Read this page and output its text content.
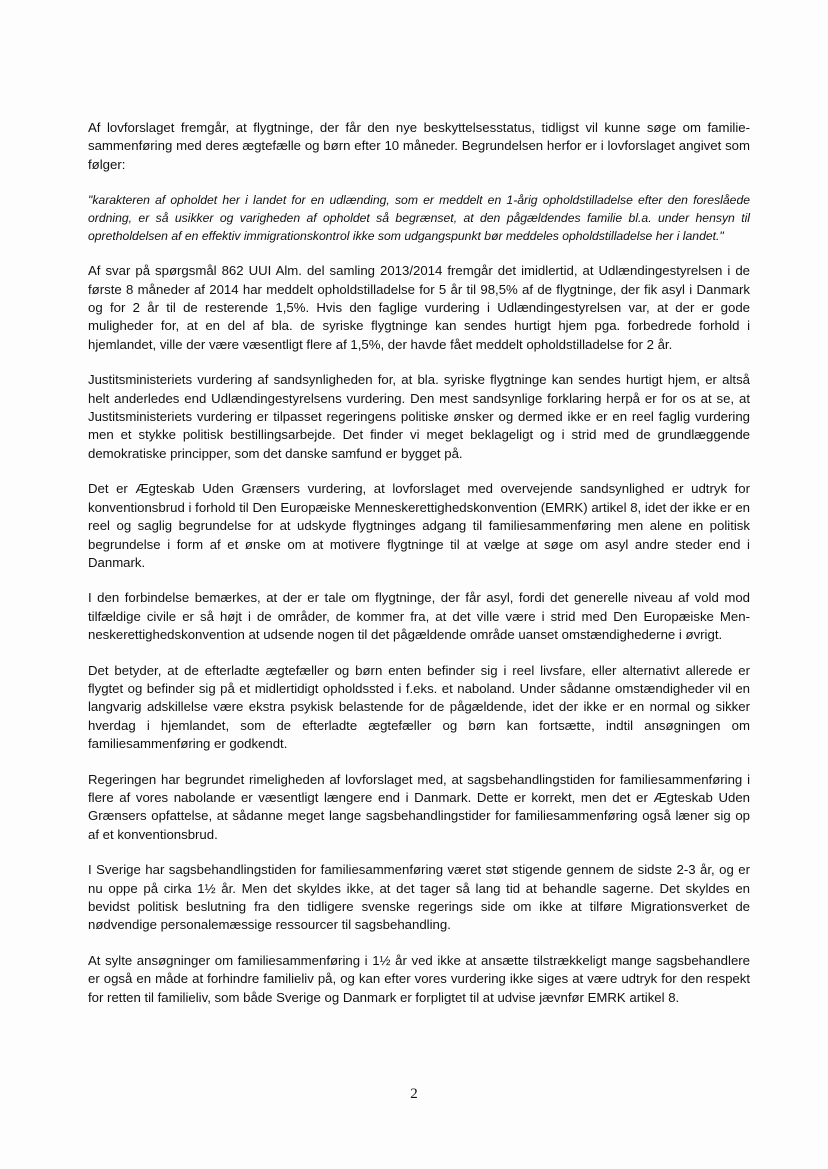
Af lovforslaget fremgår, at flygtninge, der får den nye beskyttelsesstatus, tidligst vil kunne søge om familiesammenføring med deres ægtefælle og børn efter 10 måneder. Begrundelsen herfor er i lovforslaget angivet som følger:

"karakteren af opholdet her i landet for en udlænding, som er meddelt en 1-årig opholdstilladelse efter den foreslåede ordning, er så usikker og varigheden af opholdet så begrænset, at den pågældendes familie bl.a. under hensyn til opretholdelsen af en effektiv immigrationskontrol ikke som udgangspunkt bør meddeles opholdstilladelse her i landet."

Af svar på spørgsmål 862 UUI Alm. del samling 2013/2014 fremgår det imidlertid, at Udlændingestyrelsen i de første 8 måneder af 2014 har meddelt opholdstilladelse for 5 år til 98,5% af de flygtninge, der fik asyl i Danmark og for 2 år til de resterende 1,5%. Hvis den faglige vurdering i Udlændingestyrelsen var, at der er gode muligheder for, at en del af bla. de syriske flygtninge kan sendes hurtigt hjem pga. forbedrede forhold i hjemlandet, ville der være væsentligt flere af 1,5%, der havde fået meddelt opholdstilladelse for 2 år.

Justitsministeriets vurdering af sandsynligheden for, at bla. syriske flygtninge kan sendes hurtigt hjem, er altså helt anderledes end Udlændingestyrelsens vurdering. Den mest sandsynlige forklaring herpå er for os at se, at Justitsministeriets vurdering er tilpasset regeringens politiske ønsker og dermed ikke er en reel faglig vurdering men et stykke politisk bestillingsarbejde. Det finder vi meget beklageligt og i strid med de grundlæggende demokratiske principper, som det danske samfund er bygget på.

Det er Ægteskab Uden Grænsers vurdering, at lovforslaget med overvejende sandsynlighed er udtryk for konventionsbrud i forhold til Den Europæiske Menneskerettighedskonvention (EMRK) artikel 8, idet der ikke er en reel og saglig begrundelse for at udskyde flygtninges adgang til familiesammenføring men alene en politisk begrundelse i form af et ønske om at motivere flygtninge til at vælge at søge om asyl andre steder end i Danmark.

I den forbindelse bemærkes, at der er tale om flygtninge, der får asyl, fordi det generelle niveau af vold mod tilfældige civile er så højt i de områder, de kommer fra, at det ville være i strid med Den Europæiske Menneskerettighedskonvention at udsende nogen til det pågældende område uanset omstændighederne i øvrigt.

Det betyder, at de efterladte ægtefæller og børn enten befinder sig i reel livsfare, eller alternativt allerede er flygtet og befinder sig på et midlertidigt opholdssted i f.eks. et naboland. Under sådanne omstændigheder vil en langvarig adskillelse være ekstra psykisk belastende for de pågældende, idet der ikke er en normal og sikker hverdag i hjemlandet, som de efterladte ægtefæller og børn kan fortsætte, indtil ansøgningen om familiesammenføring er godkendt.

Regeringen har begrundet rimeligheden af lovforslaget med, at sagsbehandlingstiden for familiesammenføring i flere af vores nabolande er væsentligt længere end i Danmark. Dette er korrekt, men det er Ægteskab Uden Grænsers opfattelse, at sådanne meget lange sagsbehandlingstider for familiesammenføring også læner sig op af et konventionsbrud.

I Sverige har sagsbehandlingstiden for familiesammenføring været støt stigende gennem de sidste 2-3 år, og er nu oppe på cirka 1½ år. Men det skyldes ikke, at det tager så lang tid at behandle sagerne. Det skyldes en bevidst politisk beslutning fra den tidligere svenske regerings side om ikke at tilføre Migrationsverket de nødvendige personalemæssige ressourcer til sagsbehandling.

At sylte ansøgninger om familiesammenføring i 1½ år ved ikke at ansætte tilstrækkeligt mange sagsbehandlere er også en måde at forhindre familieliv på, og kan efter vores vurdering ikke siges at være udtryk for den respekt for retten til familieliv, som både Sverige og Danmark er forpligtet til at udvise jævnfør EMRK artikel 8.

2
